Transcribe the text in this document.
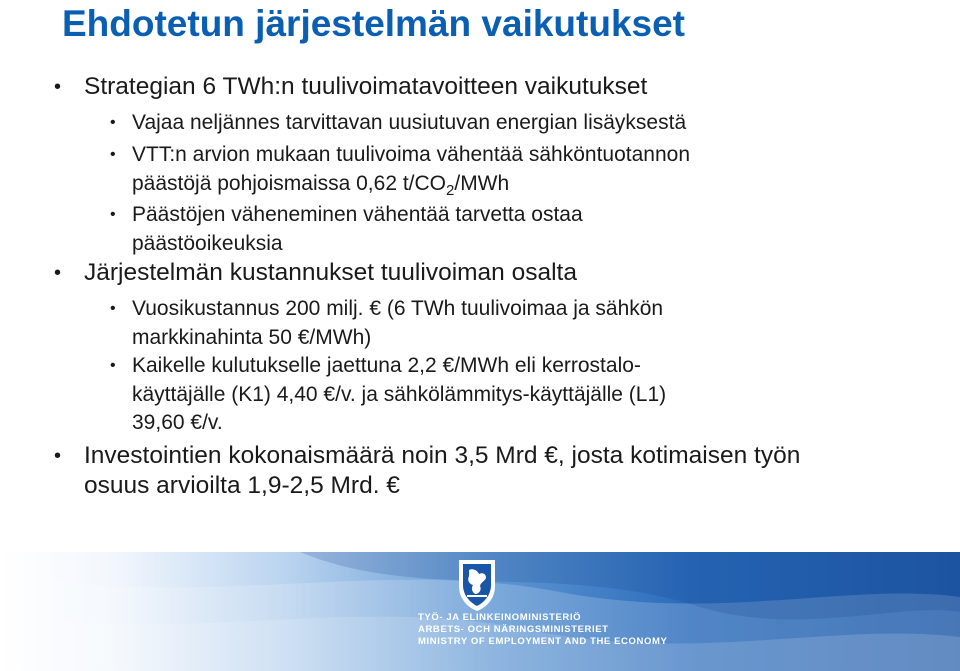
Ehdotetun järjestelmän vaikutukset

• Strategian 6 TWh:n tuulivoimatavoitteen vaikutukset

• Vajaa neljännes tarvittavan uusiutuvan energian lisäyksestä

• VTT:n arvion mukaan tuulivoima vähentää sähköntuotannon
päästöjä pohjoismaissa 0,62 $t/CO_2$/MWh

• Päästöjen väheneminen vähentää tarvetta ostaa
päästöoikeuksia

• Järjestelmän kustannukset tuulivoiman osalta

• Vuosikustannus 200 milj. € (6 TWh tuulivoimaa ja sähkön
markkinahinta 50 €/MWh)

• Kaikelle kulutukselle jaettuna 2,2 €/MWh eli kerrostalo-
käyttäjälle (K1) 4,40 €/v. ja sähkölämmitys-käyttäjälle (L1)
39,60 €/v.

• Investointien kokonaismäärä noin 3,5 Mrd €, josta kotimaisen työn
osuus arvioilta 1,9-2,5 Mrd. €

TYÖ- JA ELINKEINOMINISTERIÖ
ARBETS- OCH NÄRINGSMINISTERIET
MINISTRY OF EMPLOYMENT AND THE ECONOMY
